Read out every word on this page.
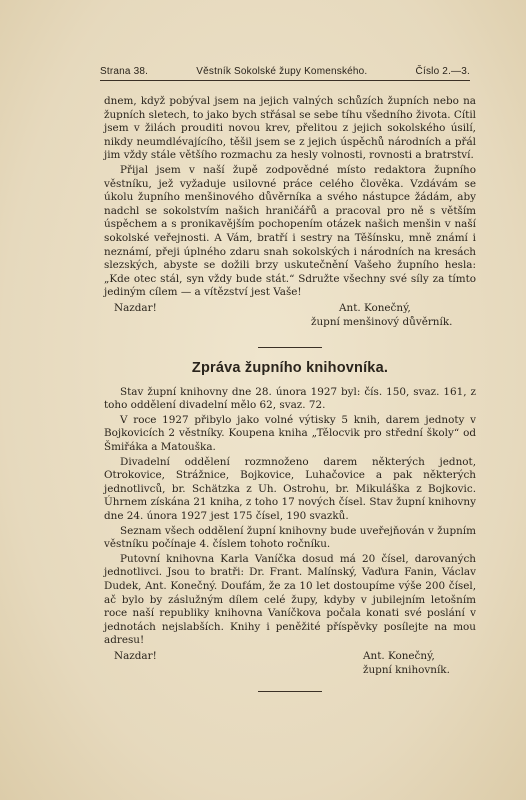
Strana 38.	Věstník Sokolské župy Komenského.	Číslo 2.—3.

dnem, když pobýval jsem na jejich valných schůzích župních nebo na župních sletech, to jako bych střásal se sebe tíhu všedního života. Cítil jsem v žilách prouditi novou krev, přelitou z jejich sokolského úsilí, nikdy neumdlévajícího, těšil jsem se z jejich úspěchů národních a přál jim vždy stále většího rozmachu za hesly volnosti, rovnosti a bratrství.

Přijal jsem v naší župě zodpovědné místo redaktora župního věstníku, jež vyžaduje usilovné práce celého člověka. Vzdávám se úkolu župního menšinového důvěrníka a svého nástupce žádám, aby nadchl se sokolstvím našich hraničářů a pracoval pro ně s větším úspěchem a s pronikavějším pochopením otázek našich menšin v naší sokolské veřejnosti. A Vám, bratří i sestry na Těšínsku, mně známí i neznámí, přeji úplného zdaru snah sokolských i národních na kresách slezských, abyste se dožili brzy uskutečnění Vašeho župního hesla: „Kde otec stál, syn vždy bude stát.“ Sdružte všechny své síly za tímto jediným cílem — a vítězství jest Vaše!

Nazdar!	Ant. Konečný,
župní menšinový důvěrník.
Zpráva župního knihovníka.

Stav župní knihovny dne 28. února 1927 byl: čís. 150, svaz. 161, z toho oddělení divadelní mělo 62, svaz. 72.

V roce 1927 přibylo jako volné výtisky 5 knih, darem jednoty v Bojkovicích 2 věstníky. Koupena kniha „Tělocvik pro střední školy“ od Šmiřáka a Matouška.

Divadelní oddělení rozmnoženo darem některých jednot, Otrokovice, Strážnice, Bojkovice, Luhačovice a pak některých jednotlivců, br. Schätzka z Uh. Ostrohu, br. Mikuláška z Bojkovic. Úhrnem získána 21 kniha, z toho 17 nových čísel. Stav župní knihovny dne 24. února 1927 jest 175 čísel, 190 svazků.

Seznam všech oddělení župní knihovny bude uveřejňován v župním věstníku počínaje 4. číslem tohoto ročníku.

Putovní knihovna Karla Vaníčka dosud má 20 čísel, darovaných jednotlivci. Jsou to bratři: Dr. Frant. Malínský, Vaďura Fanin, Václav Dudek, Ant. Konečný. Doufám, že za 10 let dostoupíme výše 200 čísel, ač bylo by záslužným dílem celé župy, kdyby v jubilejním letošním roce naší republiky knihovna Vaníčkova počala konati své poslání v jednotách nejslabších. Knihy i peněžité příspěvky posílejte na mou adresu!

Nazdar!	Ant. Konečný,
župní knihovník.
